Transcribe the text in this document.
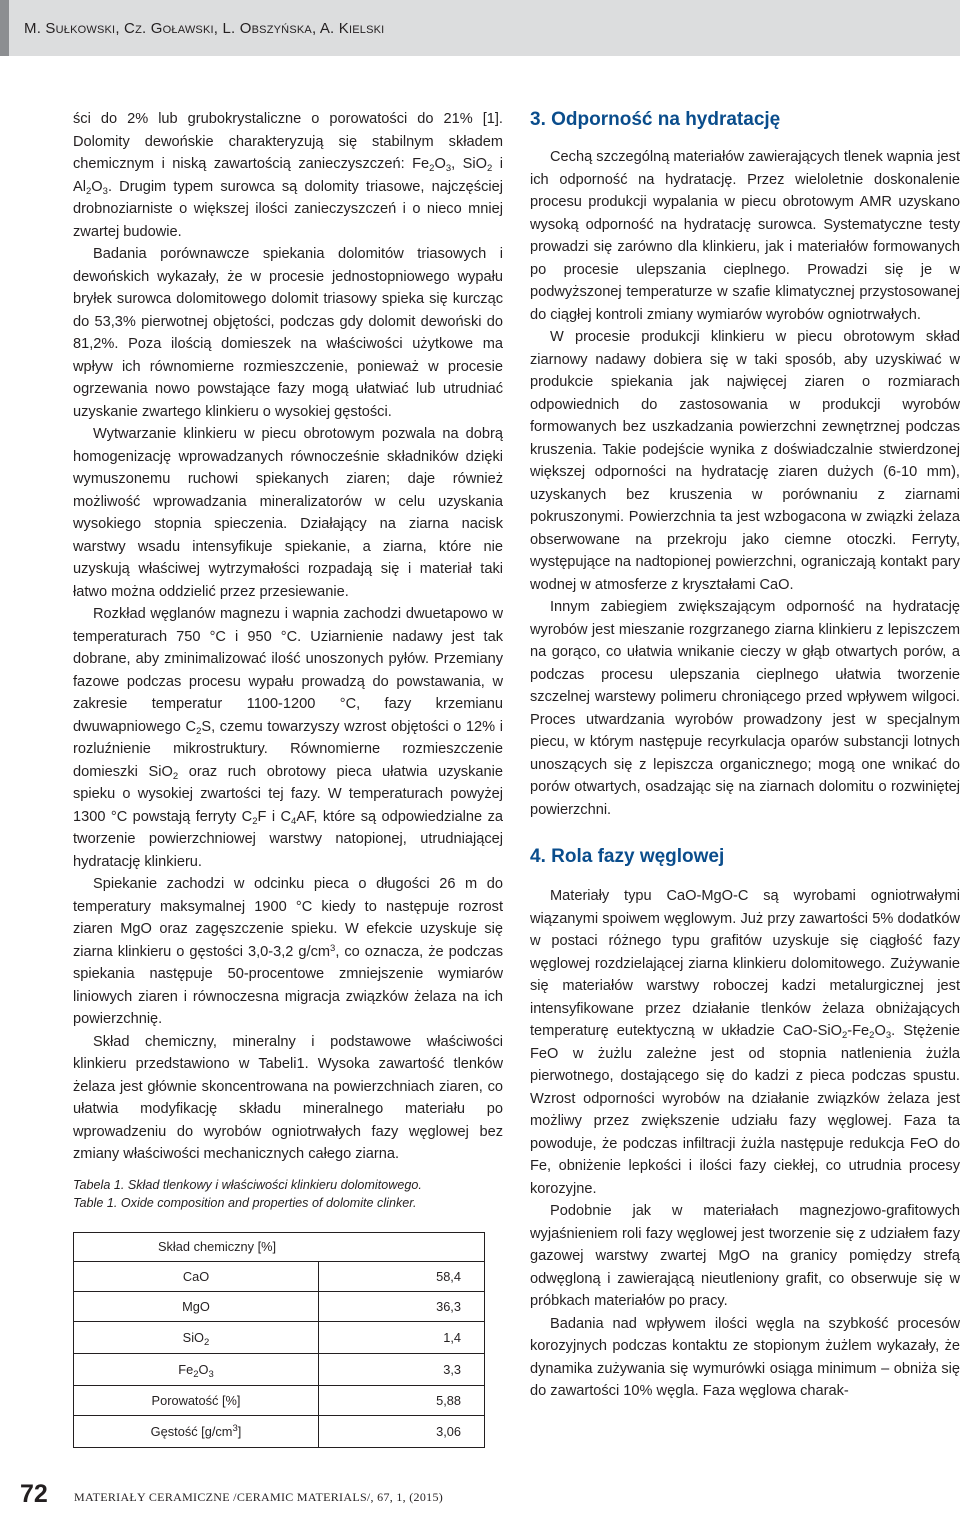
M. Sułkowski, Cz. Goławski, L. Obszyńska, A. Kielski

ści do 2% lub grubokrystaliczne o porowatości do 21% [1]. Dolomity dewońskie charakteryzują się stabilnym składem chemicznym i niską zawartością zanieczyszczeń: $Fe_2O_3$, SiO$_2$ i $Al_2O_3$. Drugim typem surowca są dolomity triasowe, najczęściej drobnoziarniste o większej ilości zanieczyszczeń i o nieco mniej zwartej budowie.

Badania porównawcze spiekania dolomitów triasowych i dewońskich wykazały, że w procesie jednostopniowego wypału bryłek surowca dolomitowego dolomit triasowy spieka się kurcząc do 53,3% pierwotnej objętości, podczas gdy dolomit dewoński do 81,2%. Poza ilością domieszek na właściwości użytkowe ma wpływ ich równomierne rozmieszczenie, ponieważ w procesie ogrzewania nowo powstające fazy mogą ułatwiać lub utrudniać uzyskanie zwartego klinkieru o wysokiej gęstości.

Wytwarzanie klinkieru w piecu obrotowym pozwala na dobrą homogenizację wprowadzanych równocześnie składników dzięki wymuszonemu ruchowi spiekanych ziaren; daje również możliwość wprowadzania mineralizatorów w celu uzyskania wysokiego stopnia spieczenia. Działający na ziarna nacisk warstwy wsadu intensyfikuje spiekanie, a ziarna, które nie uzyskują właściwej wytrzymałości rozpadają się i materiał taki łatwo można oddzielić przez przesiewanie.

Rozkład węglanów magnezu i wapnia zachodzi dwuetapowo w temperaturach 750 °C i 950 °C. Uziarnienie nadawy jest tak dobrane, aby zminimalizować ilość unoszonych pyłów. Przemiany fazowe podczas procesu wypału prowadzą do powstawania, w zakresie temperatur 1100-1200 °C, fazy krzemianu dwuwapniowego $C_2S$, czemu towarzyszy wzrost objętości o 12% i rozluźnienie mikrostruktury. Równomierne rozmieszczenie domieszki SiO$_2$ oraz ruch obrotowy pieca ułatwia uzyskanie spieku o wysokiej zwartości tej fazy. W temperaturach powyżej 1300 °C powstają ferryty $C_2F$ i $C_4AF$, które są odpowiedzialne za tworzenie powierzchniowej warstwy natopionej, utrudniającej hydratację klinkieru.

Spiekanie zachodzi w odcinku pieca o długości 26 m do temperatury maksymalnej 1900 °C kiedy to następuje rozrost ziaren MgO oraz zagęszczenie spieku. W efekcie uzyskuje się ziarna klinkieru o gęstości 3,0-3,2 $g/cm^3$, co oznacza, że podczas spiekania następuje 50-procentowe zmniejszenie wymiarów liniowych ziaren i równoczesna migracja związków żelaza na ich powierzchnię.

Skład chemiczny, mineralny i podstawowe właściwości klinkieru przedstawiono w Tabeli1. Wysoka zawartość tlenków żelaza jest głównie skoncentrowana na powierzchniach ziaren, co ułatwia modyfikację składu mineralnego materiału po wprowadzeniu do wyrobów ogniotrwałych fazy węglowej bez zmiany właściwości mechanicznych całego ziarna.

Tabela 1. Skład tlenkowy i właściwości klinkieru dolomitowego.
Table 1. Oxide composition and properties of dolomite clinker.
Skład chemiczny [%]	
CaO	58,4
MgO	36,3
SiO$_2$	1,4
$Fe_2O_3$	3,3
Porowatość [%]	5,88
Gęstość $[g/cm^3]$	3,06
3. Odporność na hydratację

Cechą szczególną materiałów zawierających tlenek wapnia jest ich odporność na hydratację. Przez wieloletnie doskonalenie procesu produkcji wypalania w piecu obrotowym AMR uzyskano wysoką odporność na hydratację surowca. Systematyczne testy prowadzi się zarówno dla klinkieru, jak i materiałów formowanych po procesie ulepszania cieplnego. Prowadzi się je w podwyższonej temperaturze w szafie klimatycznej przystosowanej do ciągłej kontroli zmiany wymiarów wyrobów ogniotrwałych.

W procesie produkcji klinkieru w piecu obrotowym skład ziarnowy nadawy dobiera się w taki sposób, aby uzyskiwać w produkcie spiekania jak najwięcej ziaren o rozmiarach odpowiednich do zastosowania w produkcji wyrobów formowanych bez uszkadzania powierzchni zewnętrznej podczas kruszenia. Takie podejście wynika z doświadczalnie stwierdzonej większej odporności na hydratację ziaren dużych (6-10 mm), uzyskanych bez kruszenia w porównaniu z ziarnami pokruszonymi. Powierzchnia ta jest wzbogacona w związki żelaza obserwowane na przekroju jako ciemne otoczki. Ferryty, występujące na nadtopionej powierzchni, ograniczają kontakt pary wodnej w atmosferze z kryształami CaO.

Innym zabiegiem zwiększającym odporność na hydratację wyrobów jest mieszanie rozgrzanego ziarna klinkieru z lepiszczem na gorąco, co ułatwia wnikanie cieczy w głąb otwartych porów, a podczas procesu ulepszania cieplnego ułatwia tworzenie szczelnej warstewy polimeru chroniącego przed wpływem wilgoci. Proces utwardzania wyrobów prowadzony jest w specjalnym piecu, w którym następuje recyrkulacja oparów substancji lotnych unoszących się z lepiszcza organicznego; mogą one wnikać do porów otwartych, osadzając się na ziarnach dolomitu o rozwiniętej powierzchni.

4. Rola fazy węglowej

Materiały typu CaO-MgO-C są wyrobami ogniotrwałymi wiązanymi spoiwem węglowym. Już przy zawartości 5% dodatków w postaci różnego typu grafitów uzyskuje się ciągłość fazy węglowej rozdzielającej ziarna klinkieru dolomitowego. Zużywanie się materiałów warstwy roboczej kadzi metalurgicznej jest intensyfikowane przez działanie tlenków żelaza obniżających temperaturę eutektyczną w układzie CaO-$SiO_2-Fe_2O_3$. Stężenie FeO w żużlu zależne jest od stopnia natlenienia żużla pierwotnego, dostającego się do kadzi z pieca podczas spustu. Wzrost odporności wyrobów na działanie związków żelaza jest możliwy przez zwiększenie udziału fazy węglowej. Faza ta powoduje, że podczas infiltracji żużla następuje redukcja FeO do Fe, obniżenie lepkości i ilości fazy ciekłej, co utrudnia procesy korozyjne.

Podobnie jak w materiałach magnezjowo-grafitowych wyjaśnieniem roli fazy węglowej jest tworzenie się z udziałem fazy gazowej warstwy zwartej MgO na granicy pomiędzy strefą odwęgloną i zawierającą nieutleniony grafit, co obserwuje się w próbkach materiałów po pracy.

Badania nad wpływem ilości węgla na szybkość procesów korozyjnych podczas kontaktu ze stopionym żużlem wykazały, że dynamika zużywania się wymurówki osiąga minimum – obniża się do zawartości 10% węgla. Faza węglowa charak-

72 MATERIAŁY CERAMICZNE /CERAMIC MATERIALS/, 67, 1, (2015)
